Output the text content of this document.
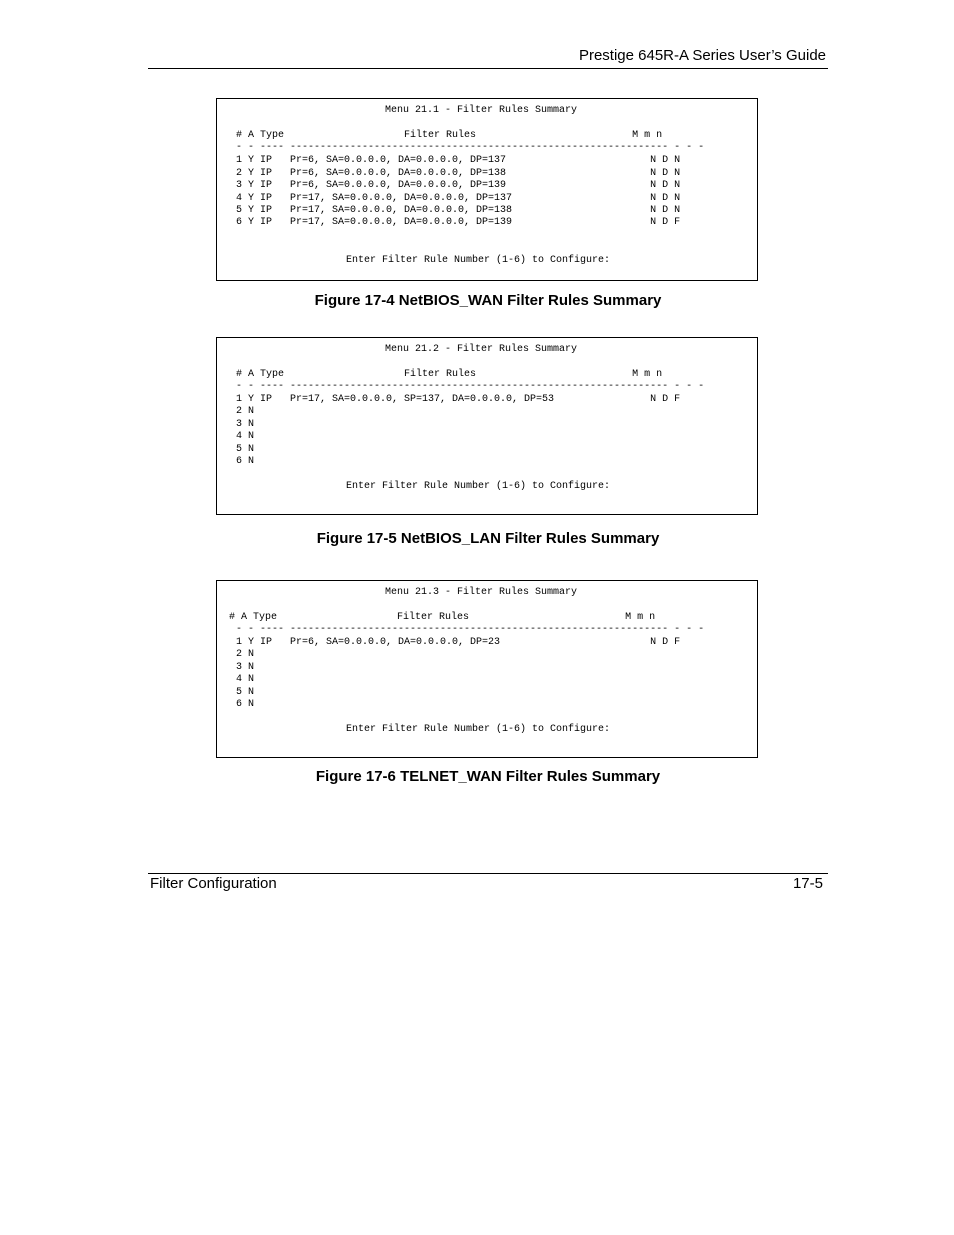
Prestige 645R-A Series User’s Guide
Menu 21.1 - Filter Rules Summary
# A Type                    Filter Rules                          M m n
- - ---- --------------------------------------------------------------- - - -
1 Y IP   Pr=6, SA=0.0.0.0, DA=0.0.0.0, DP=137                        N D N
2 Y IP   Pr=6, SA=0.0.0.0, DA=0.0.0.0, DP=138                        N D N
3 Y IP   Pr=6, SA=0.0.0.0, DA=0.0.0.0, DP=139                        N D N
4 Y IP   Pr=17, SA=0.0.0.0, DA=0.0.0.0, DP=137                       N D N
5 Y IP   Pr=17, SA=0.0.0.0, DA=0.0.0.0, DP=138                       N D N
6 Y IP   Pr=17, SA=0.0.0.0, DA=0.0.0.0, DP=139                       N D F
Enter Filter Rule Number (1-6) to Configure:
Figure 17-4 NetBIOS_WAN Filter Rules Summary
Menu 21.2 - Filter Rules Summary
# A Type                    Filter Rules                          M m n
- - ---- --------------------------------------------------------------- - - -
1 Y IP   Pr=17, SA=0.0.0.0, SP=137, DA=0.0.0.0, DP=53                N D F
2 N
3 N
4 N
5 N
6 N
Enter Filter Rule Number (1-6) to Configure:
Figure 17-5 NetBIOS_LAN Filter Rules Summary
Menu 21.3 - Filter Rules Summary
# A Type                    Filter Rules                          M m n
- - ---- --------------------------------------------------------------- - - -
1 Y IP   Pr=6, SA=0.0.0.0, DA=0.0.0.0, DP=23                         N D F
2 N
3 N
4 N
5 N
6 N
Enter Filter Rule Number (1-6) to Configure:
Figure 17-6 TELNET_WAN Filter Rules Summary
Filter Configuration	17-5
